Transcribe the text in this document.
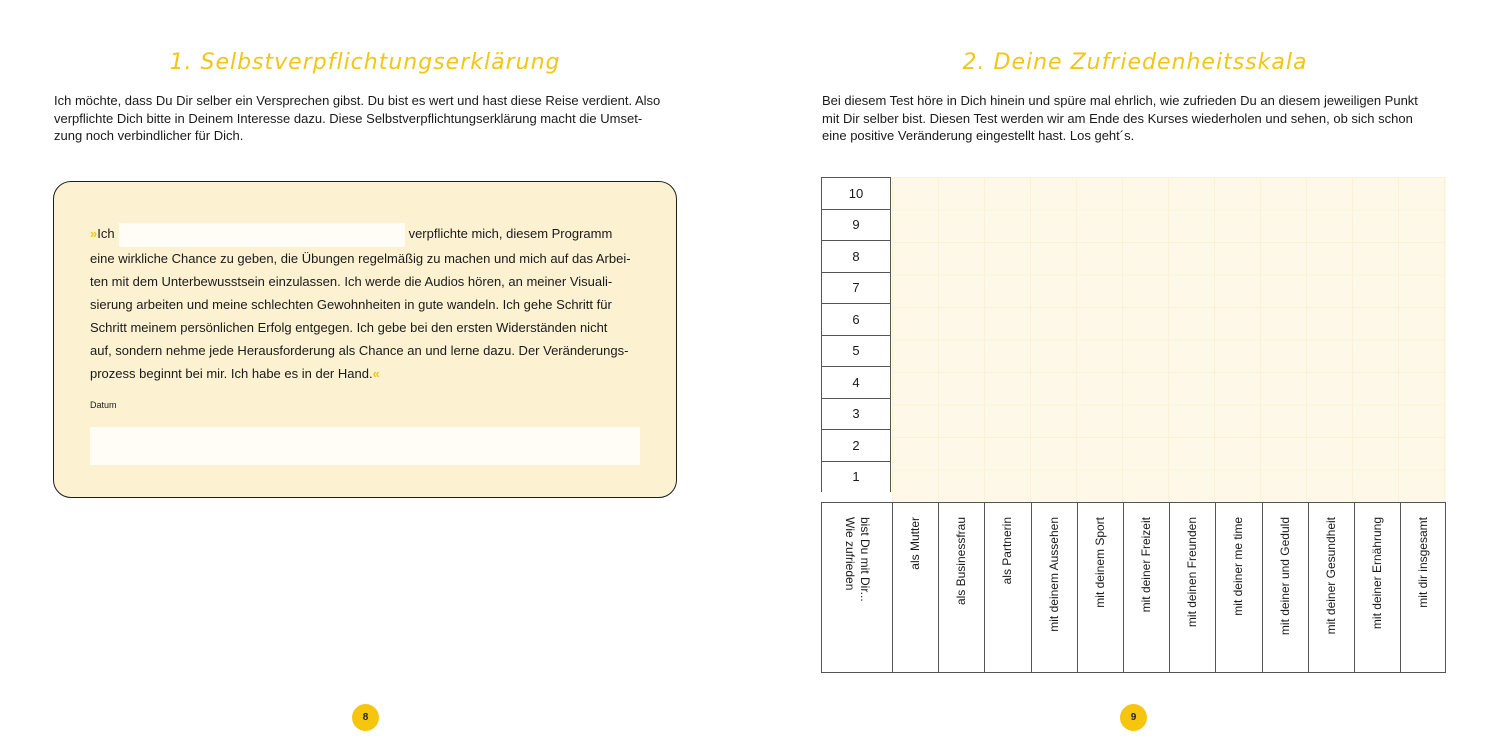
1. Selbstverpflichtungserklärung
Ich möchte, dass Du Dir selber ein Versprechen gibst. Du bist es wert und hast diese Reise verdient. Also
verpflichte Dich bitte in Deinem Interesse dazu. Diese Selbstverpflichtungserklärung macht die Umset-
zung noch verbindlicher für Dich.
»Ich	verpflichte mich, diesem Programm
eine wirkliche Chance zu geben, die Übungen regelmäßig zu machen und mich auf das Arbei-
ten mit dem Unterbewusstsein einzulassen. Ich werde die Audios hören, an meiner Visuali-
sierung arbeiten und meine schlechten Gewohnheiten in gute wandeln. Ich gehe Schritt für
Schritt meinem persönlichen Erfolg entgegen. Ich gebe bei den ersten Widerständen nicht
auf, sondern nehme jede Herausforderung als Chance an und lerne dazu. Der Veränderungs-
prozess beginnt bei mir. Ich habe es in der Hand.«
Datum
8
2. Deine Zufriedenheitsskala
Bei diesem Test höre in Dich hinein und spüre mal ehrlich, wie zufrieden Du an diesem jeweiligen Punkt
mit Dir selber bist. Diesen Test werden wir am Ende des Kurses wiederholen und sehen, ob sich schon
eine positive Veränderung eingestellt hast. Los geht´s.
10
9
8
7
6
5
4
3
2
1
Wie zufrieden bist Du mit Dir...	als Mutter	als Businessfrau	als Partnerin	mit deinem Aussehen	mit deinem Sport	mit deiner Freizeit	mit deinen Freunden	mit deiner me time	mit deiner und Geduld	mit deiner Gesundheit	mit deiner Ernährung	mit dir insgesamt
9
